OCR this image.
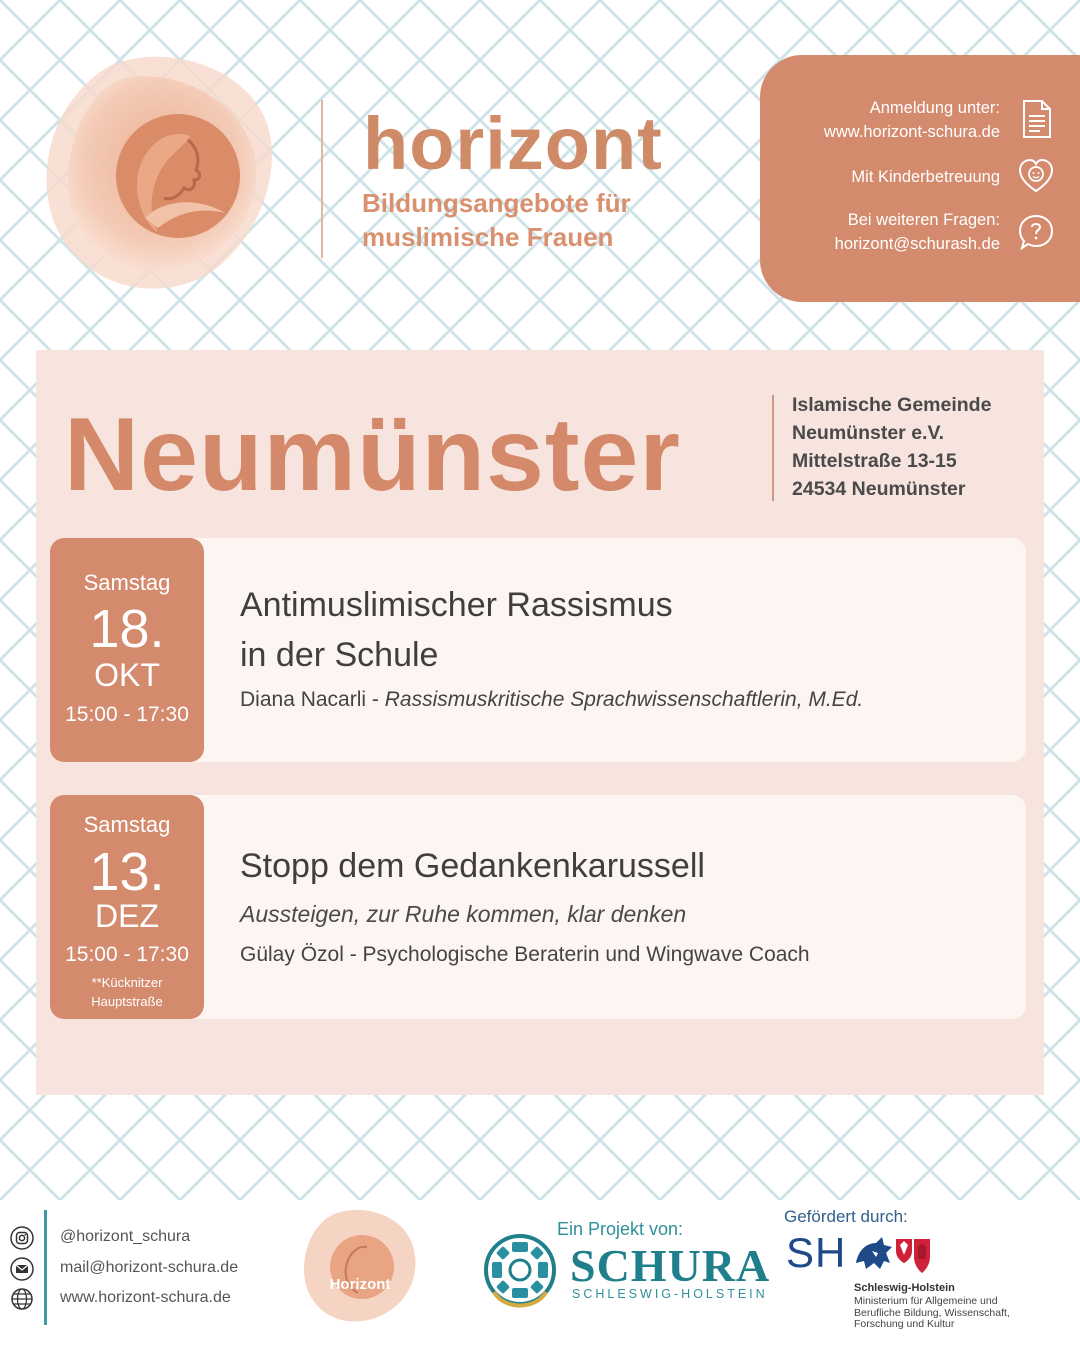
horizont
Bildungsangebote für
muslimische Frauen
Anmeldung unter:
www.horizont-schura.de
Mit Kinderbetreuung
Bei weiteren Fragen:
horizont@schurash.de
Neumünster	Islamische Gemeinde
Neumünster e.V.
Mittelstraße 13-15
24534 Neumünster
Samstag
18.
OKT
15:00 - 17:30
Antimuslimischer Rassismus
in der Schule
Diana Nacarli - Rassismuskritische Sprachwissenschaftlerin, M.Ed.
Samstag
13.
DEZ
15:00 - 17:30
**Kücknitzer
Hauptstraße
Stopp dem Gedankenkarussell
Aussteigen, zur Ruhe kommen, klar denken
Gülay Özol - Psychologische Beraterin und Wingwave Coach
@horizont_schura
mail@horizont-schura.de
www.horizont-schura.de
Horizont
Ein Projekt von:
SCHURA
SCHLESWIG-HOLSTEIN
Gefördert durch:
SH
Schleswig-Holstein
Ministerium für Allgemeine und
Berufliche Bildung, Wissenschaft,
Forschung und Kultur
